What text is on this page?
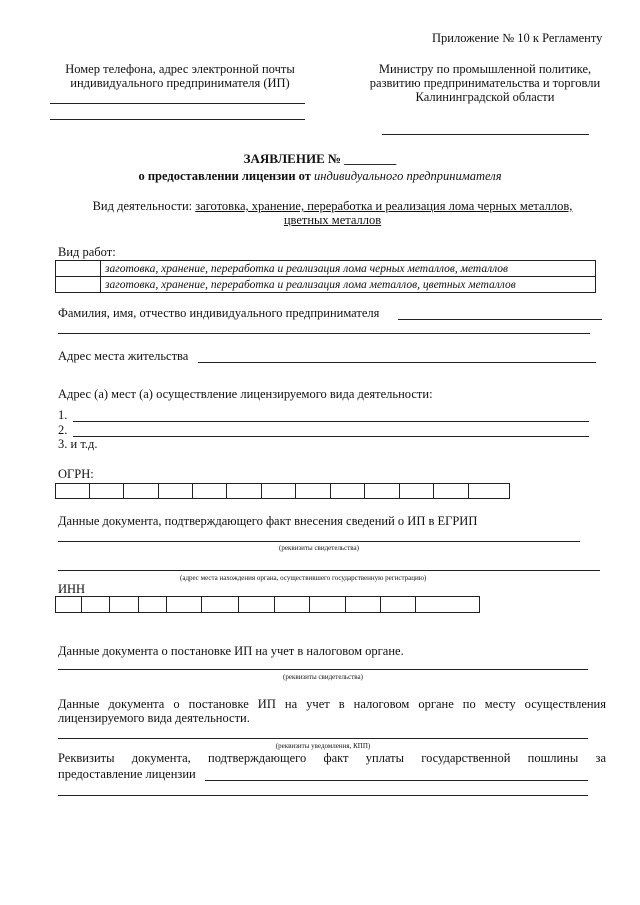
Приложение № 10 к Регламенту
Номер телефона, адрес электронной почты
индивидуального предпринимателя (ИП)
Министру по промышленной политике,
развитию предпринимательства и торговли
Калининградской области
ЗАЯВЛЕНИЕ № ________
о предоставлении лицензии от индивидуального предпринимателя
Вид деятельности: заготовка, хранение, переработка и реализация лома черных металлов,
цветных металлов
Вид работ:
	заготовка, хранение, переработка и реализация лома черных металлов, металлов
	заготовка, хранение, переработка и реализация лома металлов, цветных металлов
Фамилия, имя, отчество индивидуального предпринимателя
Адрес места жительства
Адрес (а) мест (а) осуществление лицензируемого вида деятельности:
1.
2.
3. и т.д.
ОГРН:
Данные документа, подтверждающего факт внесения сведений о ИП в ЕГРИП
(реквизиты свидетельства)
(адрес места нахождения органа, осуществившего государственную регистрацию)
ИНН
Данные документа о постановке ИП на учет в налоговом органе.
(реквизиты свидетельства)
Данные документа о постановке ИП на учет в налоговом органе по месту осуществления
лицензируемого вида деятельности.
(реквизиты уведомления, КПП)
Реквизиты документа, подтверждающего факт уплаты государственной пошлины за
предоставление лицензии
